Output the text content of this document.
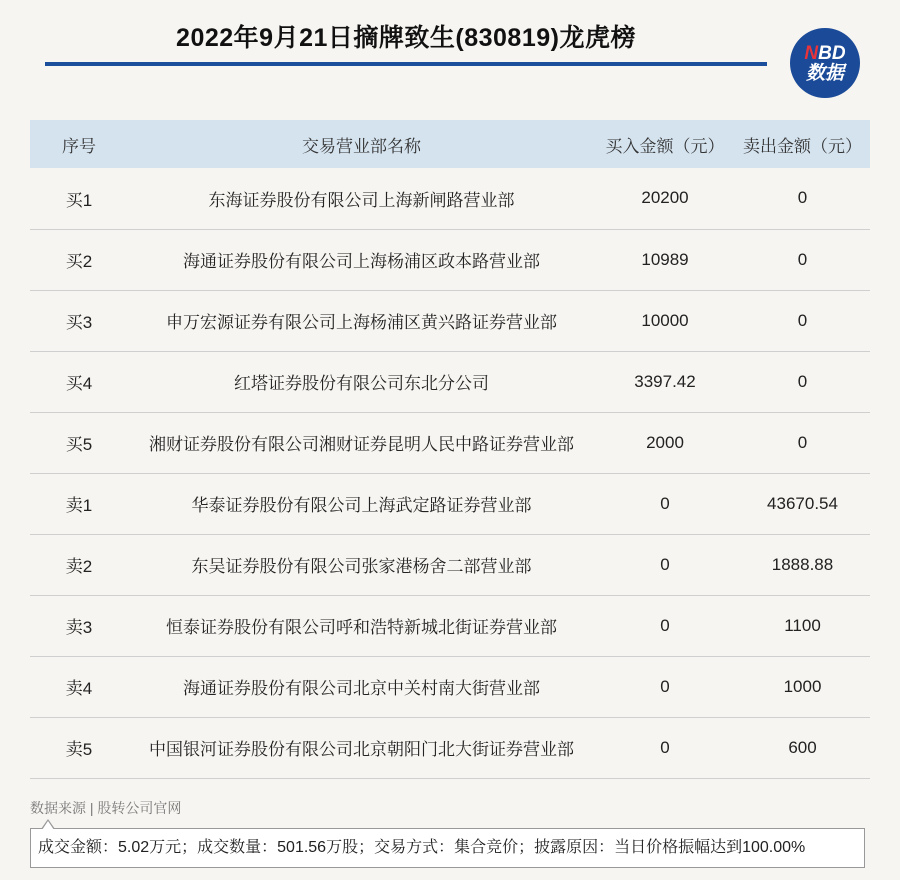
2022年9月21日摘牌致生(830819)龙虎榜
NBD
数据
序号	交易营业部名称	买入金额（元）	卖出金额（元）
买1	东海证券股份有限公司上海新闸路营业部	20200	0
买2	海通证券股份有限公司上海杨浦区政本路营业部	10989	0
买3	申万宏源证券有限公司上海杨浦区黄兴路证券营业部	10000	0
买4	红塔证券股份有限公司东北分公司	3397.42	0
买5	湘财证券股份有限公司湘财证券昆明人民中路证券营业部	2000	0
卖1	华泰证券股份有限公司上海武定路证券营业部	0	43670.54
卖2	东吴证券股份有限公司张家港杨舍二部营业部	0	1888.88
卖3	恒泰证券股份有限公司呼和浩特新城北街证券营业部	0	1100
卖4	海通证券股份有限公司北京中关村南大街营业部	0	1000
卖5	中国银河证券股份有限公司北京朝阳门北大街证券营业部	0	600
数据来源 | 股转公司官网
成交金额：5.02万元；成交数量：501.56万股；交易方式：集合竞价；披露原因：当日价格振幅达到100.00%
